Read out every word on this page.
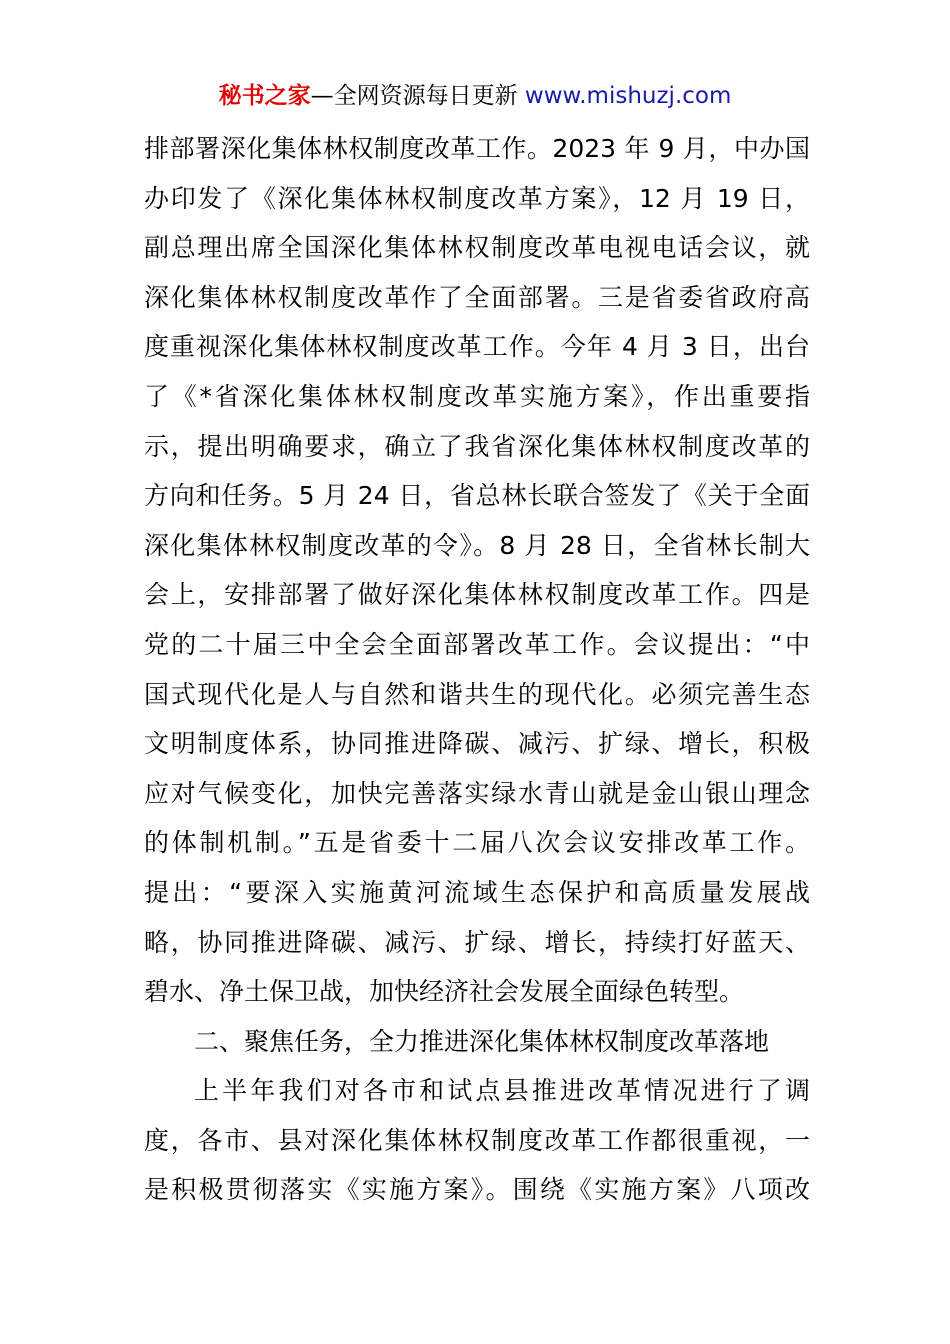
秘书之家—全网资源每日更新 www.mishuzj.com
排部署深化集体林权制度改革工作。2023 年 9 月，中办国
办印发了《深化集体林权制度改革方案》，12 月 19 日，
副总理出席全国深化集体林权制度改革电视电话会议，就
深化集体林权制度改革作了全面部署。三是省委省政府高
度重视深化集体林权制度改革工作。今年 4 月 3 日，出台
了《*省深化集体林权制度改革实施方案》，作出重要指
示，提出明确要求，确立了我省深化集体林权制度改革的
方向和任务。5 月 24 日，省总林长联合签发了《关于全面
深化集体林权制度改革的令》。8 月 28 日，全省林长制大
会上，安排部署了做好深化集体林权制度改革工作。四是
党的二十届三中全会全面部署改革工作。会议提出：“中
国式现代化是人与自然和谐共生的现代化。必须完善生态
文明制度体系，协同推进降碳、减污、扩绿、增长，积极
应对气候变化，加快完善落实绿水青山就是金山银山理念
的体制机制。”五是省委十二届八次会议安排改革工作。
提出：“要深入实施黄河流域生态保护和高质量发展战
略，协同推进降碳、减污、扩绿、增长，持续打好蓝天、
碧水、净土保卫战，加快经济社会发展全面绿色转型。
二、聚焦任务，全力推进深化集体林权制度改革落地
上半年我们对各市和试点县推进改革情况进行了调
度，各市、县对深化集体林权制度改革工作都很重视，一
是积极贯彻落实《实施方案》。围绕《实施方案》八项改
